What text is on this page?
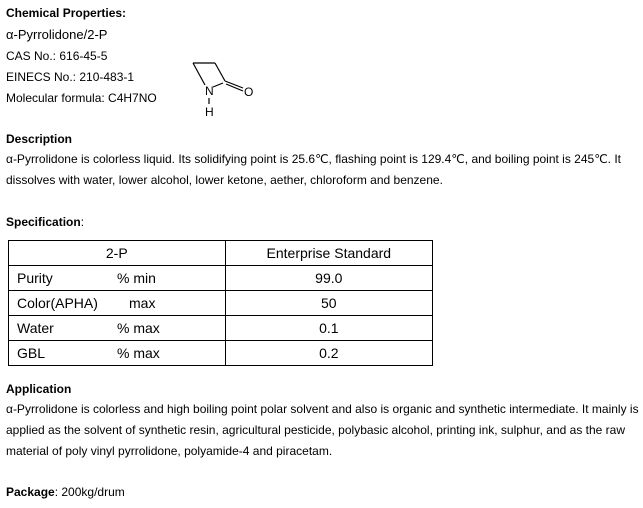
Chemical Properties:
α-Pyrrolidone/2-P
CAS No.: 616-45-5
EINECS No.: 210-483-1
Molecular formula: C4H7NO	N
H
O
Description
α-Pyrrolidone is colorless liquid. Its solidifying point is 25.6℃, flashing point is 129.4℃, and boiling point is 245℃. It dissolves with water, lower alcohol, lower ketone, aether, chloroform and benzene.
Specification:
2-P	Enterprise Standard
Purity % min	99.0
Color(APHA) max	50
Water % max	0.1
GBL % max	0.2
Application
α-Pyrrolidone is colorless and high boiling point polar solvent and also is organic and synthetic intermediate. It mainly is applied as the solvent of synthetic resin, agricultural pesticide, polybasic alcohol, printing ink, sulphur, and as the raw material of poly vinyl pyrrolidone, polyamide-4 and piracetam.
Package: 200kg/drum
